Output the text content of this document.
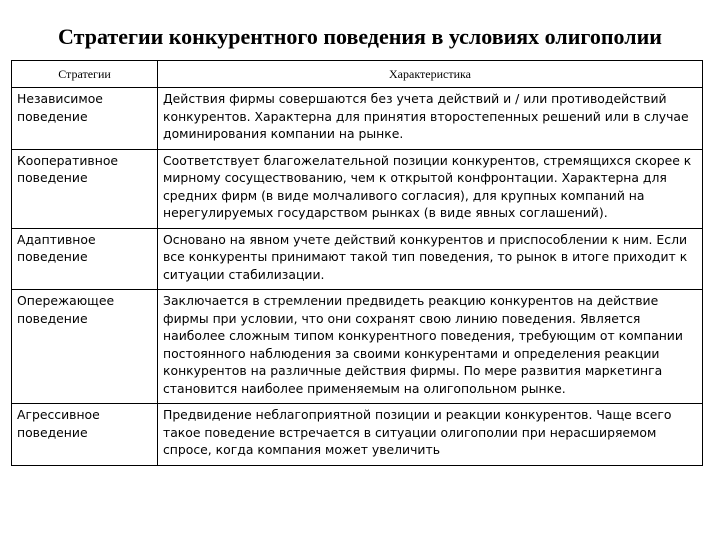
Стратегии конкурентного поведения в условиях олигополии
Стратегии	Характеристика
Независимое поведение	Действия фирмы совершаются без учета действий и / или противодействий конкурентов. Характерна для принятия второстепенных решений или в случае доминирования компании на рынке.
Кооперативное поведение	Соответствует благожелательной позиции конкурентов, стремящихся скорее к мирному сосуществованию, чем к открытой конфронтации. Характерна для средних фирм (в виде молчаливого согласия), для крупных компаний на нерегулируемых государством рынках (в виде явных соглашений).
Адаптивное поведение	Основано на явном учете действий конкурентов и приспособлении к ним. Если все конкуренты принимают такой тип поведения, то рынок в итоге приходит к ситуации стабилизации.
Опережающее поведение	Заключается в стремлении предвидеть реакцию конкурентов на действие фирмы при условии, что они сохранят свою линию поведения. Является наиболее сложным типом конкурентного поведения, требующим от компании постоянного наблюдения за своими конкурентами и определения реакции конкурентов на различные действия фирмы. По мере развития маркетинга становится наиболее применяемым на олигопольном рынке.
Агрессивное поведение	Предвидение неблагоприятной позиции и реакции конкурентов. Чаще всего такое поведение встречается в ситуации олигополии при нерасширяемом спросе, когда компания может увеличить
